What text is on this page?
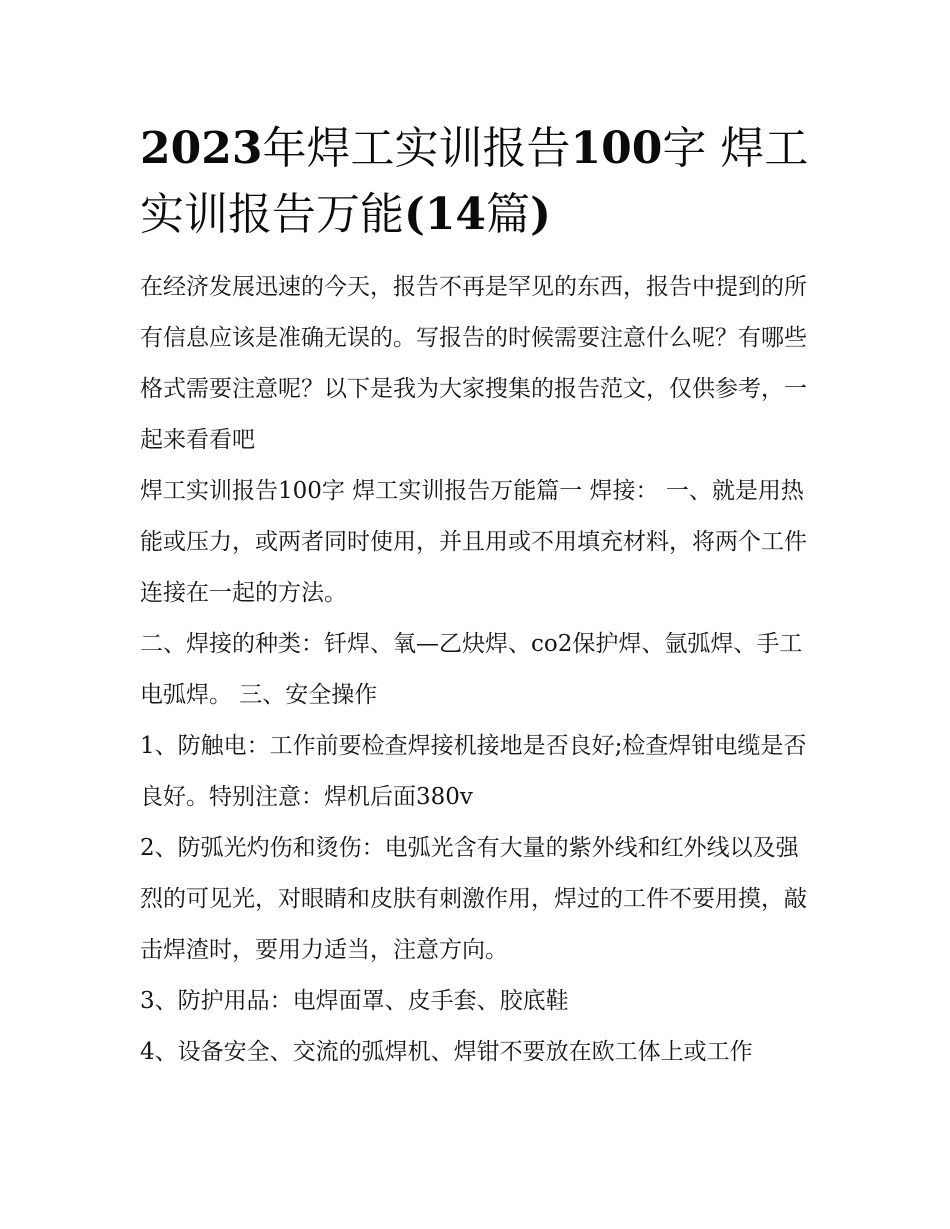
2023年焊工实训报告100字 焊工实训报告万能(14篇)

在经济发展迅速的今天，报告不再是罕见的东西，报告中提到的所有信息应该是准确无误的。写报告的时候需要注意什么呢？有哪些格式需要注意呢？以下是我为大家搜集的报告范文，仅供参考，一起来看看吧

焊工实训报告100字 焊工实训报告万能篇一 焊接： 一、就是用热能或压力，或两者同时使用，并且用或不用填充材料，将两个工件连接在一起的方法。

二、焊接的种类：钎焊、氧—乙炔焊、co2保护焊、氩弧焊、手工电弧焊。 三、安全操作

1、防触电：工作前要检查焊接机接地是否良好;检查焊钳电缆是否良好。特别注意：焊机后面380v

2、防弧光灼伤和烫伤：电弧光含有大量的紫外线和红外线以及强烈的可见光，对眼睛和皮肤有刺激作用，焊过的工件不要用摸，敲击焊渣时，要用力适当，注意方向。

3、防护用品：电焊面罩、皮手套、胶底鞋

4、设备安全、交流的弧焊机、焊钳不要放在欧工体上或工作
